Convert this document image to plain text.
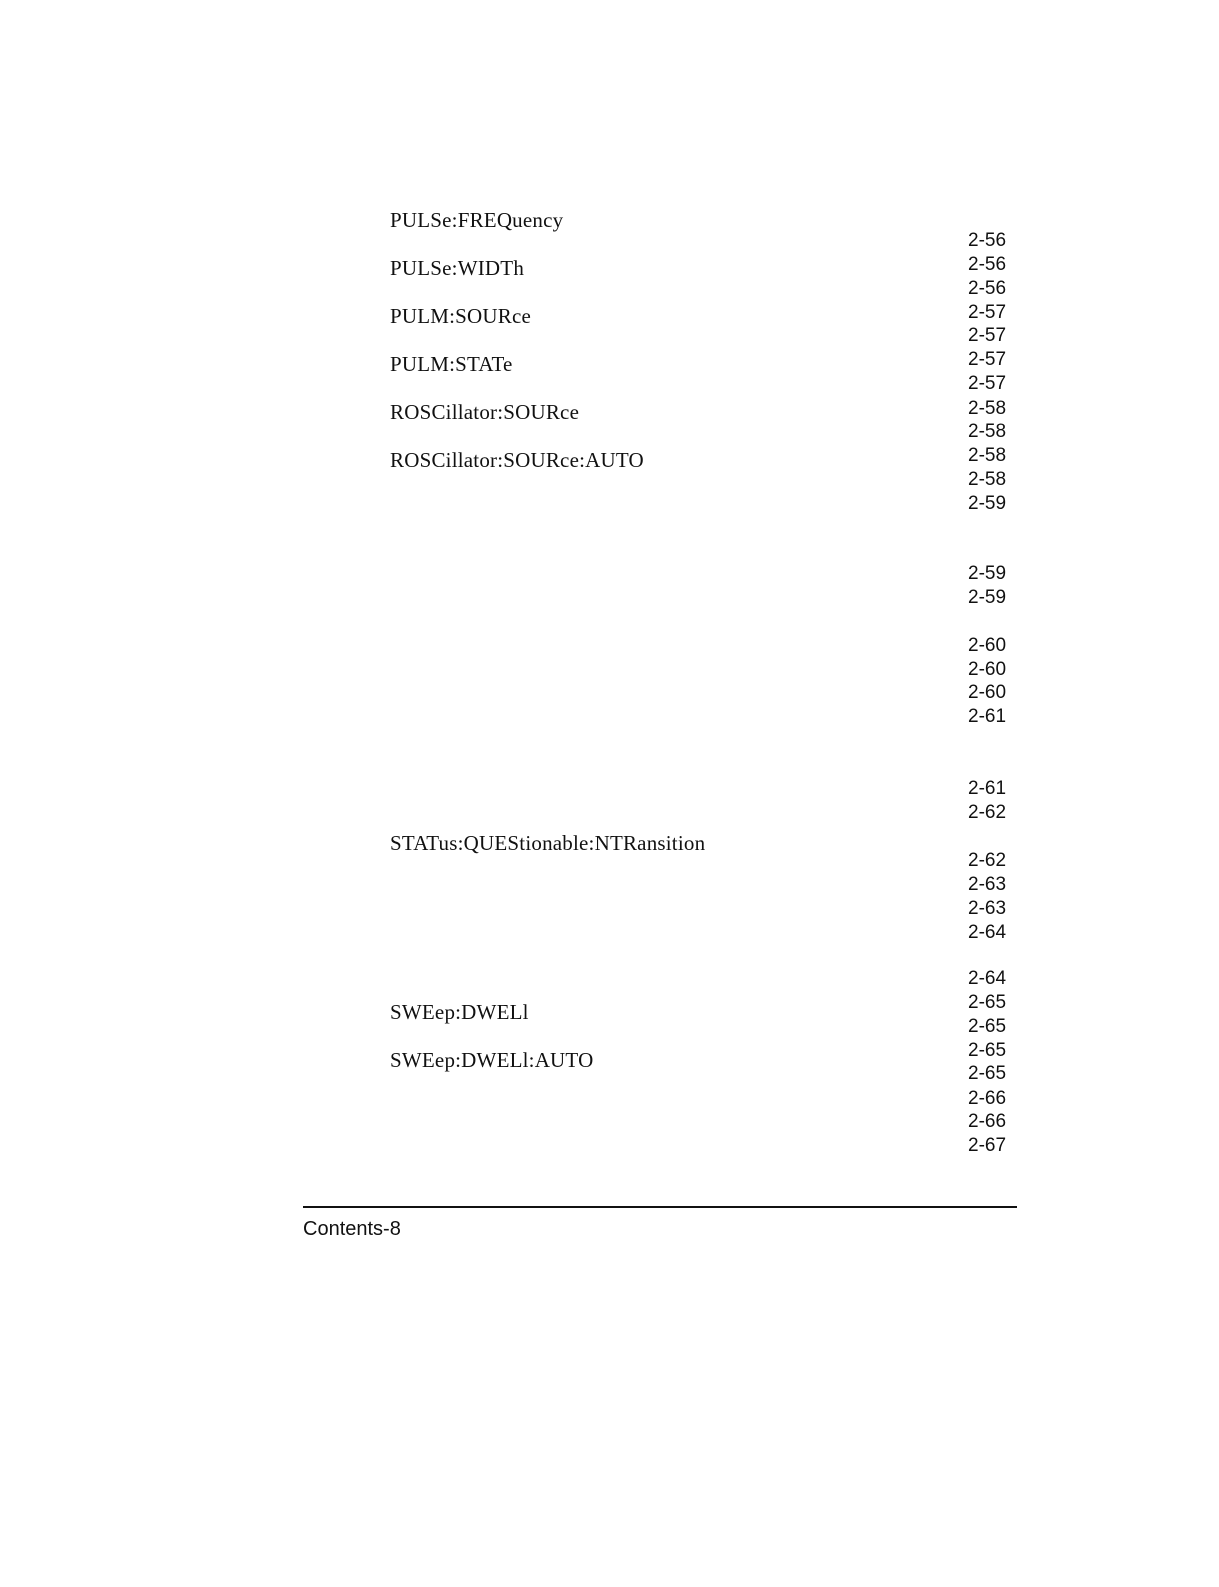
PULSe:FREQuency
PULSe:WIDTh
PULM:SOURce
PULM:STATe
ROSCillator:SOURce
ROSCillator:SOURce:AUTO
STATus:QUEStionable:NTRansition
SWEep:DWELl
SWEep:DWELl:AUTO
2-56
2-56
2-56
2-57
2-57
2-57
2-57
2-58
2-58
2-58
2-58
2-59
2-59
2-59
2-60
2-60
2-60
2-61
2-61
2-62
2-62
2-63
2-63
2-64
2-64
2-65
2-65
2-65
2-65
2-66
2-66
2-67
Contents-8
